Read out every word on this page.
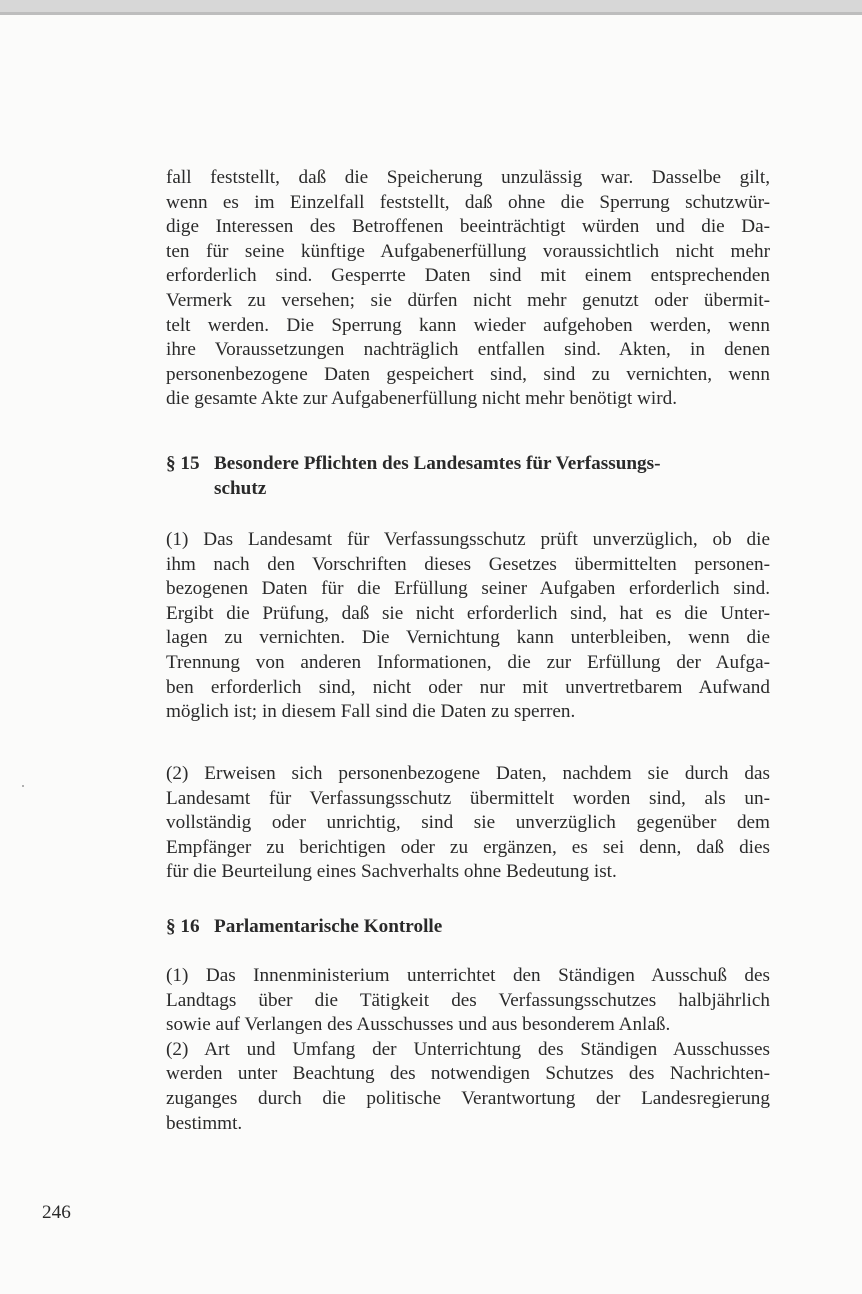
fall feststellt, daß die Speicherung unzulässig war. Dasselbe gilt,
wenn es im Einzelfall feststellt, daß ohne die Sperrung schutzwür-
dige Interessen des Betroffenen beeinträchtigt würden und die Da-
ten für seine künftige Aufgabenerfüllung voraussichtlich nicht mehr
erforderlich sind. Gesperrte Daten sind mit einem entsprechenden
Vermerk zu versehen; sie dürfen nicht mehr genutzt oder übermit-
telt werden. Die Sperrung kann wieder aufgehoben werden, wenn
ihre Voraussetzungen nachträglich entfallen sind. Akten, in denen
personenbezogene Daten gespeichert sind, sind zu vernichten, wenn
die gesamte Akte zur Aufgabenerfüllung nicht mehr benötigt wird.
§ 15 Besondere Pflichten des Landesamtes für Verfassungs-
schutz
(1) Das Landesamt für Verfassungsschutz prüft unverzüglich, ob die
ihm nach den Vorschriften dieses Gesetzes übermittelten personen-
bezogenen Daten für die Erfüllung seiner Aufgaben erforderlich sind.
Ergibt die Prüfung, daß sie nicht erforderlich sind, hat es die Unter-
lagen zu vernichten. Die Vernichtung kann unterbleiben, wenn die
Trennung von anderen Informationen, die zur Erfüllung der Aufga-
ben erforderlich sind, nicht oder nur mit unvertretbarem Aufwand
möglich ist; in diesem Fall sind die Daten zu sperren.
(2) Erweisen sich personenbezogene Daten, nachdem sie durch das
Landesamt für Verfassungsschutz übermittelt worden sind, als un-
vollständig oder unrichtig, sind sie unverzüglich gegenüber dem
Empfänger zu berichtigen oder zu ergänzen, es sei denn, daß dies
für die Beurteilung eines Sachverhalts ohne Bedeutung ist.
§ 16 Parlamentarische Kontrolle
(1) Das Innenministerium unterrichtet den Ständigen Ausschuß des
Landtags über die Tätigkeit des Verfassungsschutzes halbjährlich
sowie auf Verlangen des Ausschusses und aus besonderem Anlaß.
(2) Art und Umfang der Unterrichtung des Ständigen Ausschusses
werden unter Beachtung des notwendigen Schutzes des Nachrichten-
zuganges durch die politische Verantwortung der Landesregierung
bestimmt.
246
